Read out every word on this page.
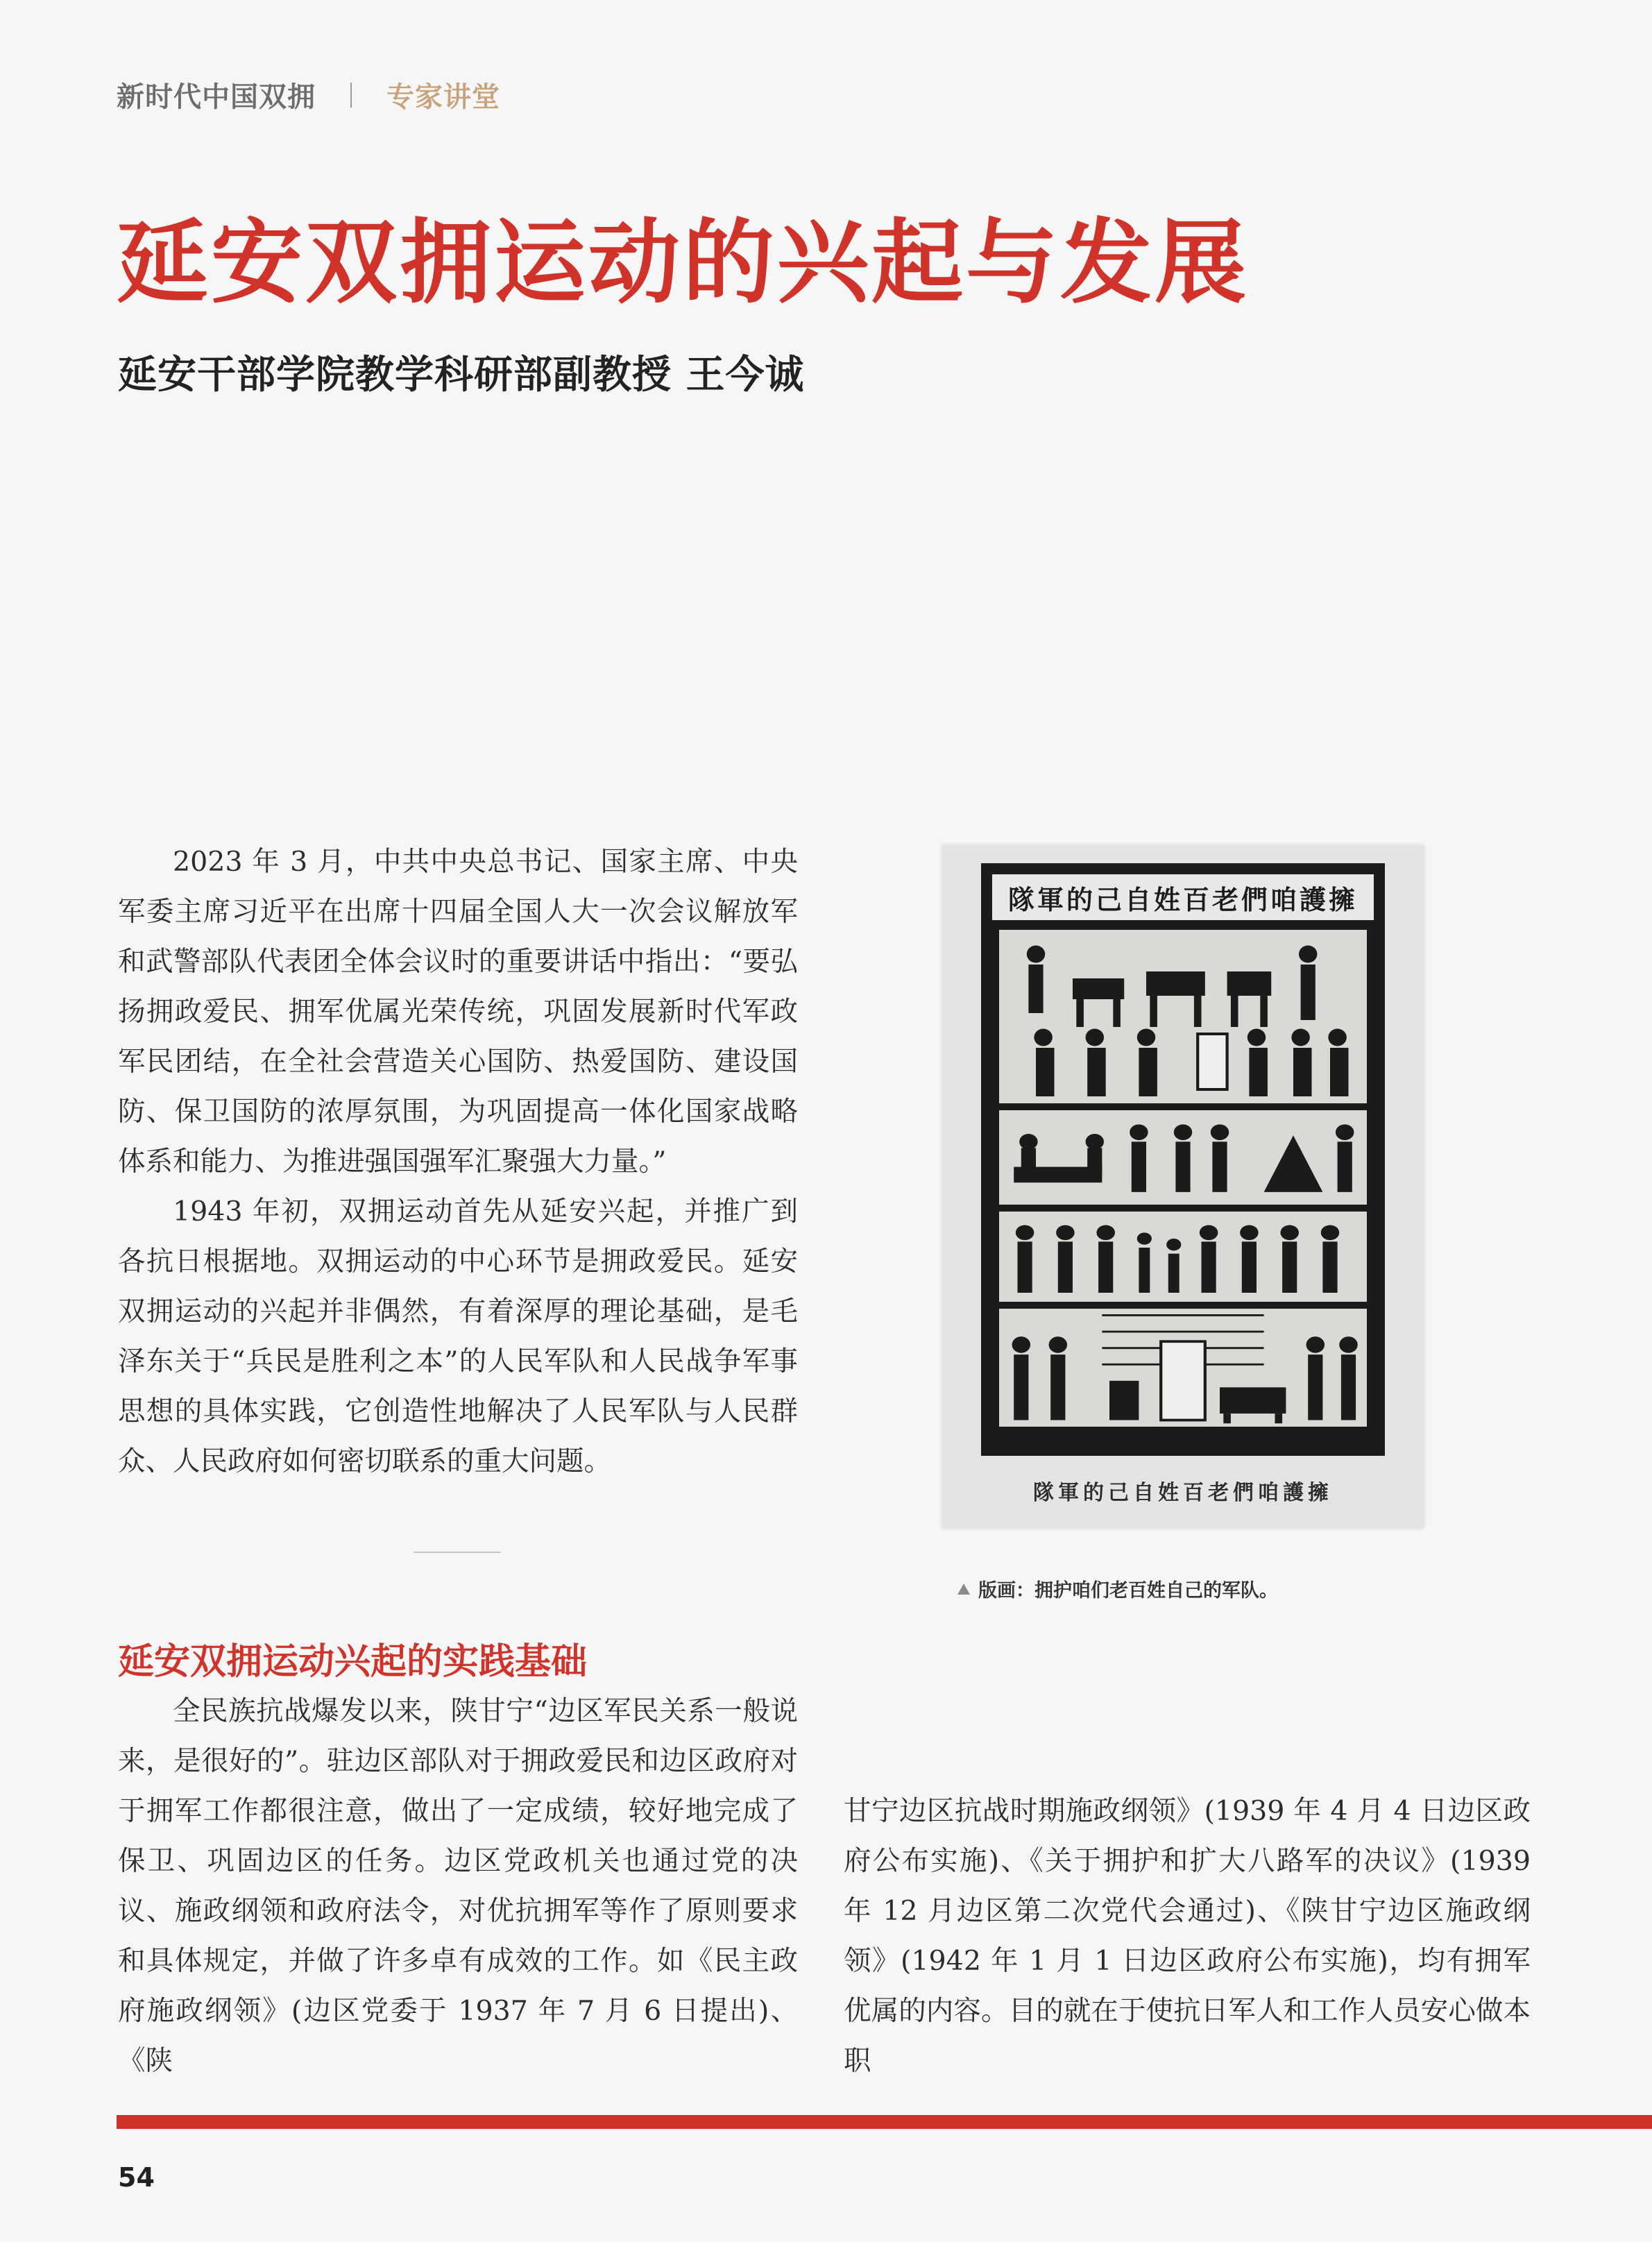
新时代中国双拥	专家讲堂
延安双拥运动的兴起与发展
延安干部学院教学科研部副教授 王今诚

2023 年 3 月，中共中央总书记、国家主席、中央军委主席习近平在出席十四届全国人大一次会议解放军和武警部队代表团全体会议时的重要讲话中指出：“要弘扬拥政爱民、拥军优属光荣传统，巩固发展新时代军政军民团结，在全社会营造关心国防、热爱国防、建设国防、保卫国防的浓厚氛围，为巩固提高一体化国家战略体系和能力、为推进强国强军汇聚强大力量。”

1943 年初，双拥运动首先从延安兴起，并推广到各抗日根据地。双拥运动的中心环节是拥政爱民。延安双拥运动的兴起并非偶然，有着深厚的理论基础，是毛泽东关于“兵民是胜利之本”的人民军队和人民战争军事思想的具体实践，它创造性地解决了人民军队与人民群众、人民政府如何密切联系的重大问题。

延安双拥运动兴起的实践基础

全民族抗战爆发以来，陕甘宁“边区军民关系一般说来，是很好的”。驻边区部队对于拥政爱民和边区政府对于拥军工作都很注意，做出了一定成绩，较好地完成了保卫、巩固边区的任务。边区党政机关也通过党的决议、施政纲领和政府法令，对优抗拥军等作了原则要求和具体规定，并做了许多卓有成效的工作。如《民主政府施政纲领》(边区党委于 1937 年 7 月 6 日提出)、《陕

甘宁边区抗战时期施政纲领》(1939 年 4 月 4 日边区政府公布实施)、《关于拥护和扩大八路军的决议》(1939 年 12 月边区第二次党代会通过)、《陕甘宁边区施政纲领》(1942 年 1 月 1 日边区政府公布实施)，均有拥军优属的内容。目的就在于使抗日军人和工作人员安心做本职

隊軍的己自姓百老們咱護擁
隊軍的己自姓百老們咱護擁
版画：拥护咱们老百姓自己的军队。
54
